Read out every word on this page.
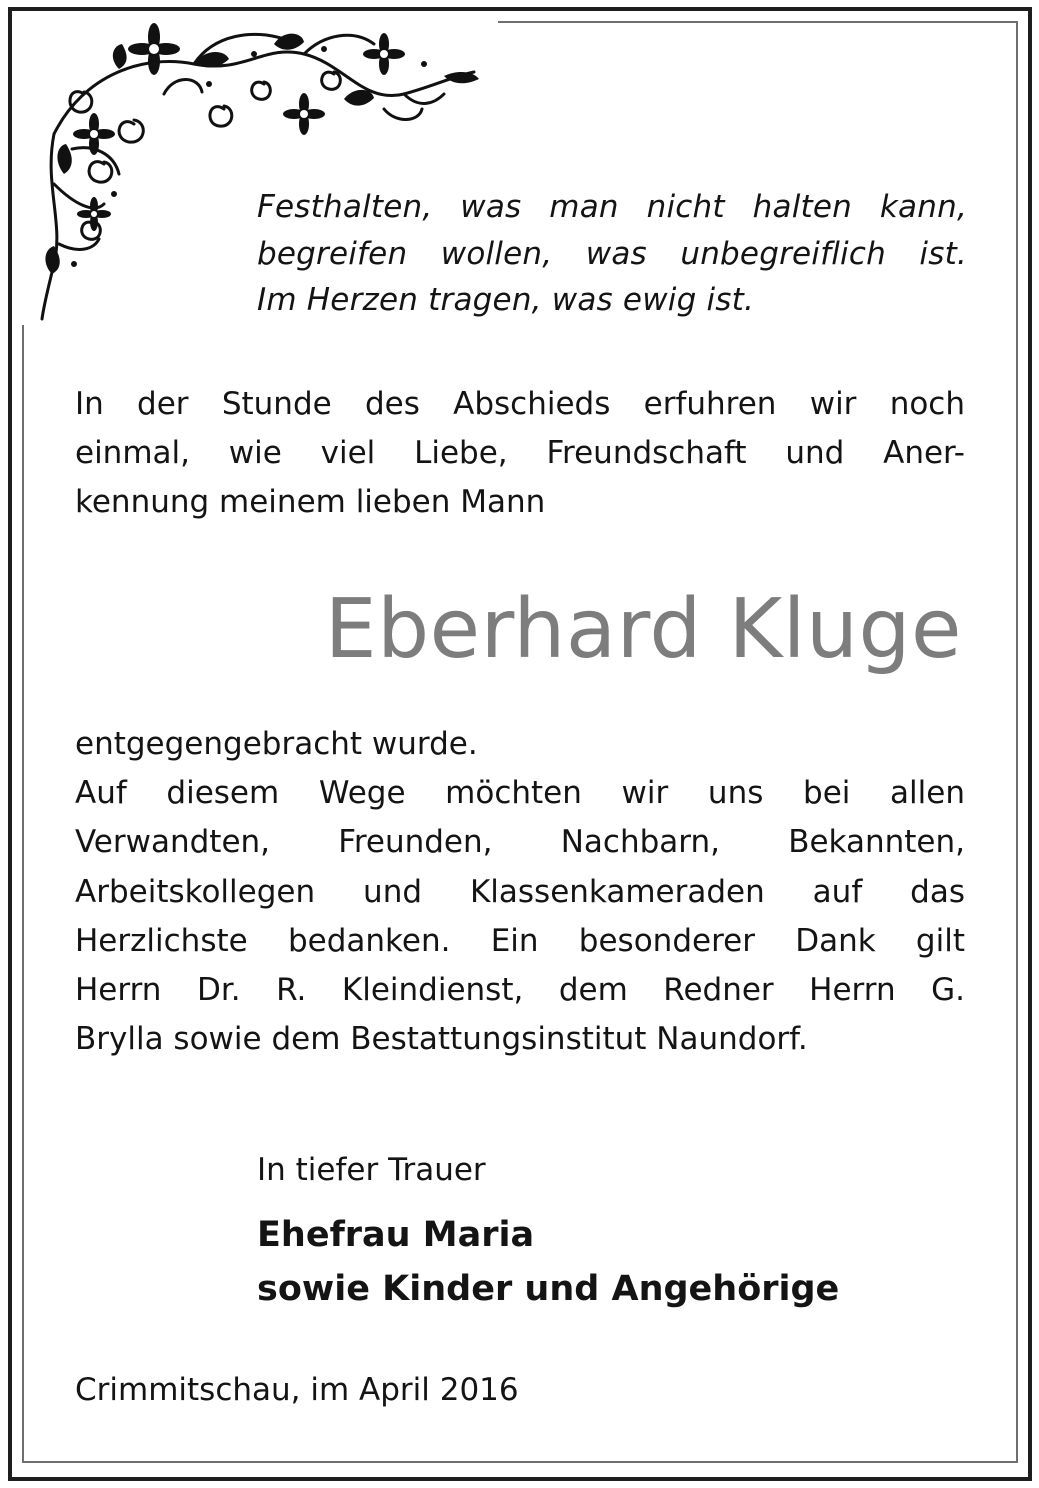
Festhalten, was man nicht halten kann,
begreifen wollen, was unbegreiflich ist.
Im Herzen tragen, was ewig ist.

In der Stunde des Abschieds erfuhren wir noch
einmal, wie viel Liebe, Freundschaft und Aner-
kennung meinem lieben Mann

Eberhard Kluge

entgegengebracht wurde.
Auf diesem Wege möchten wir uns bei allen
Verwandten, Freunden, Nachbarn, Bekannten,
Arbeitskollegen und Klassenkameraden auf das
Herzlichste bedanken. Ein besonderer Dank gilt
Herrn Dr. R. Kleindienst, dem Redner Herrn G.
Brylla sowie dem Bestattungsinstitut Naundorf.

In tiefer Trauer
Ehefrau Maria
sowie Kinder und Angehörige
Crimmitschau, im April 2016
